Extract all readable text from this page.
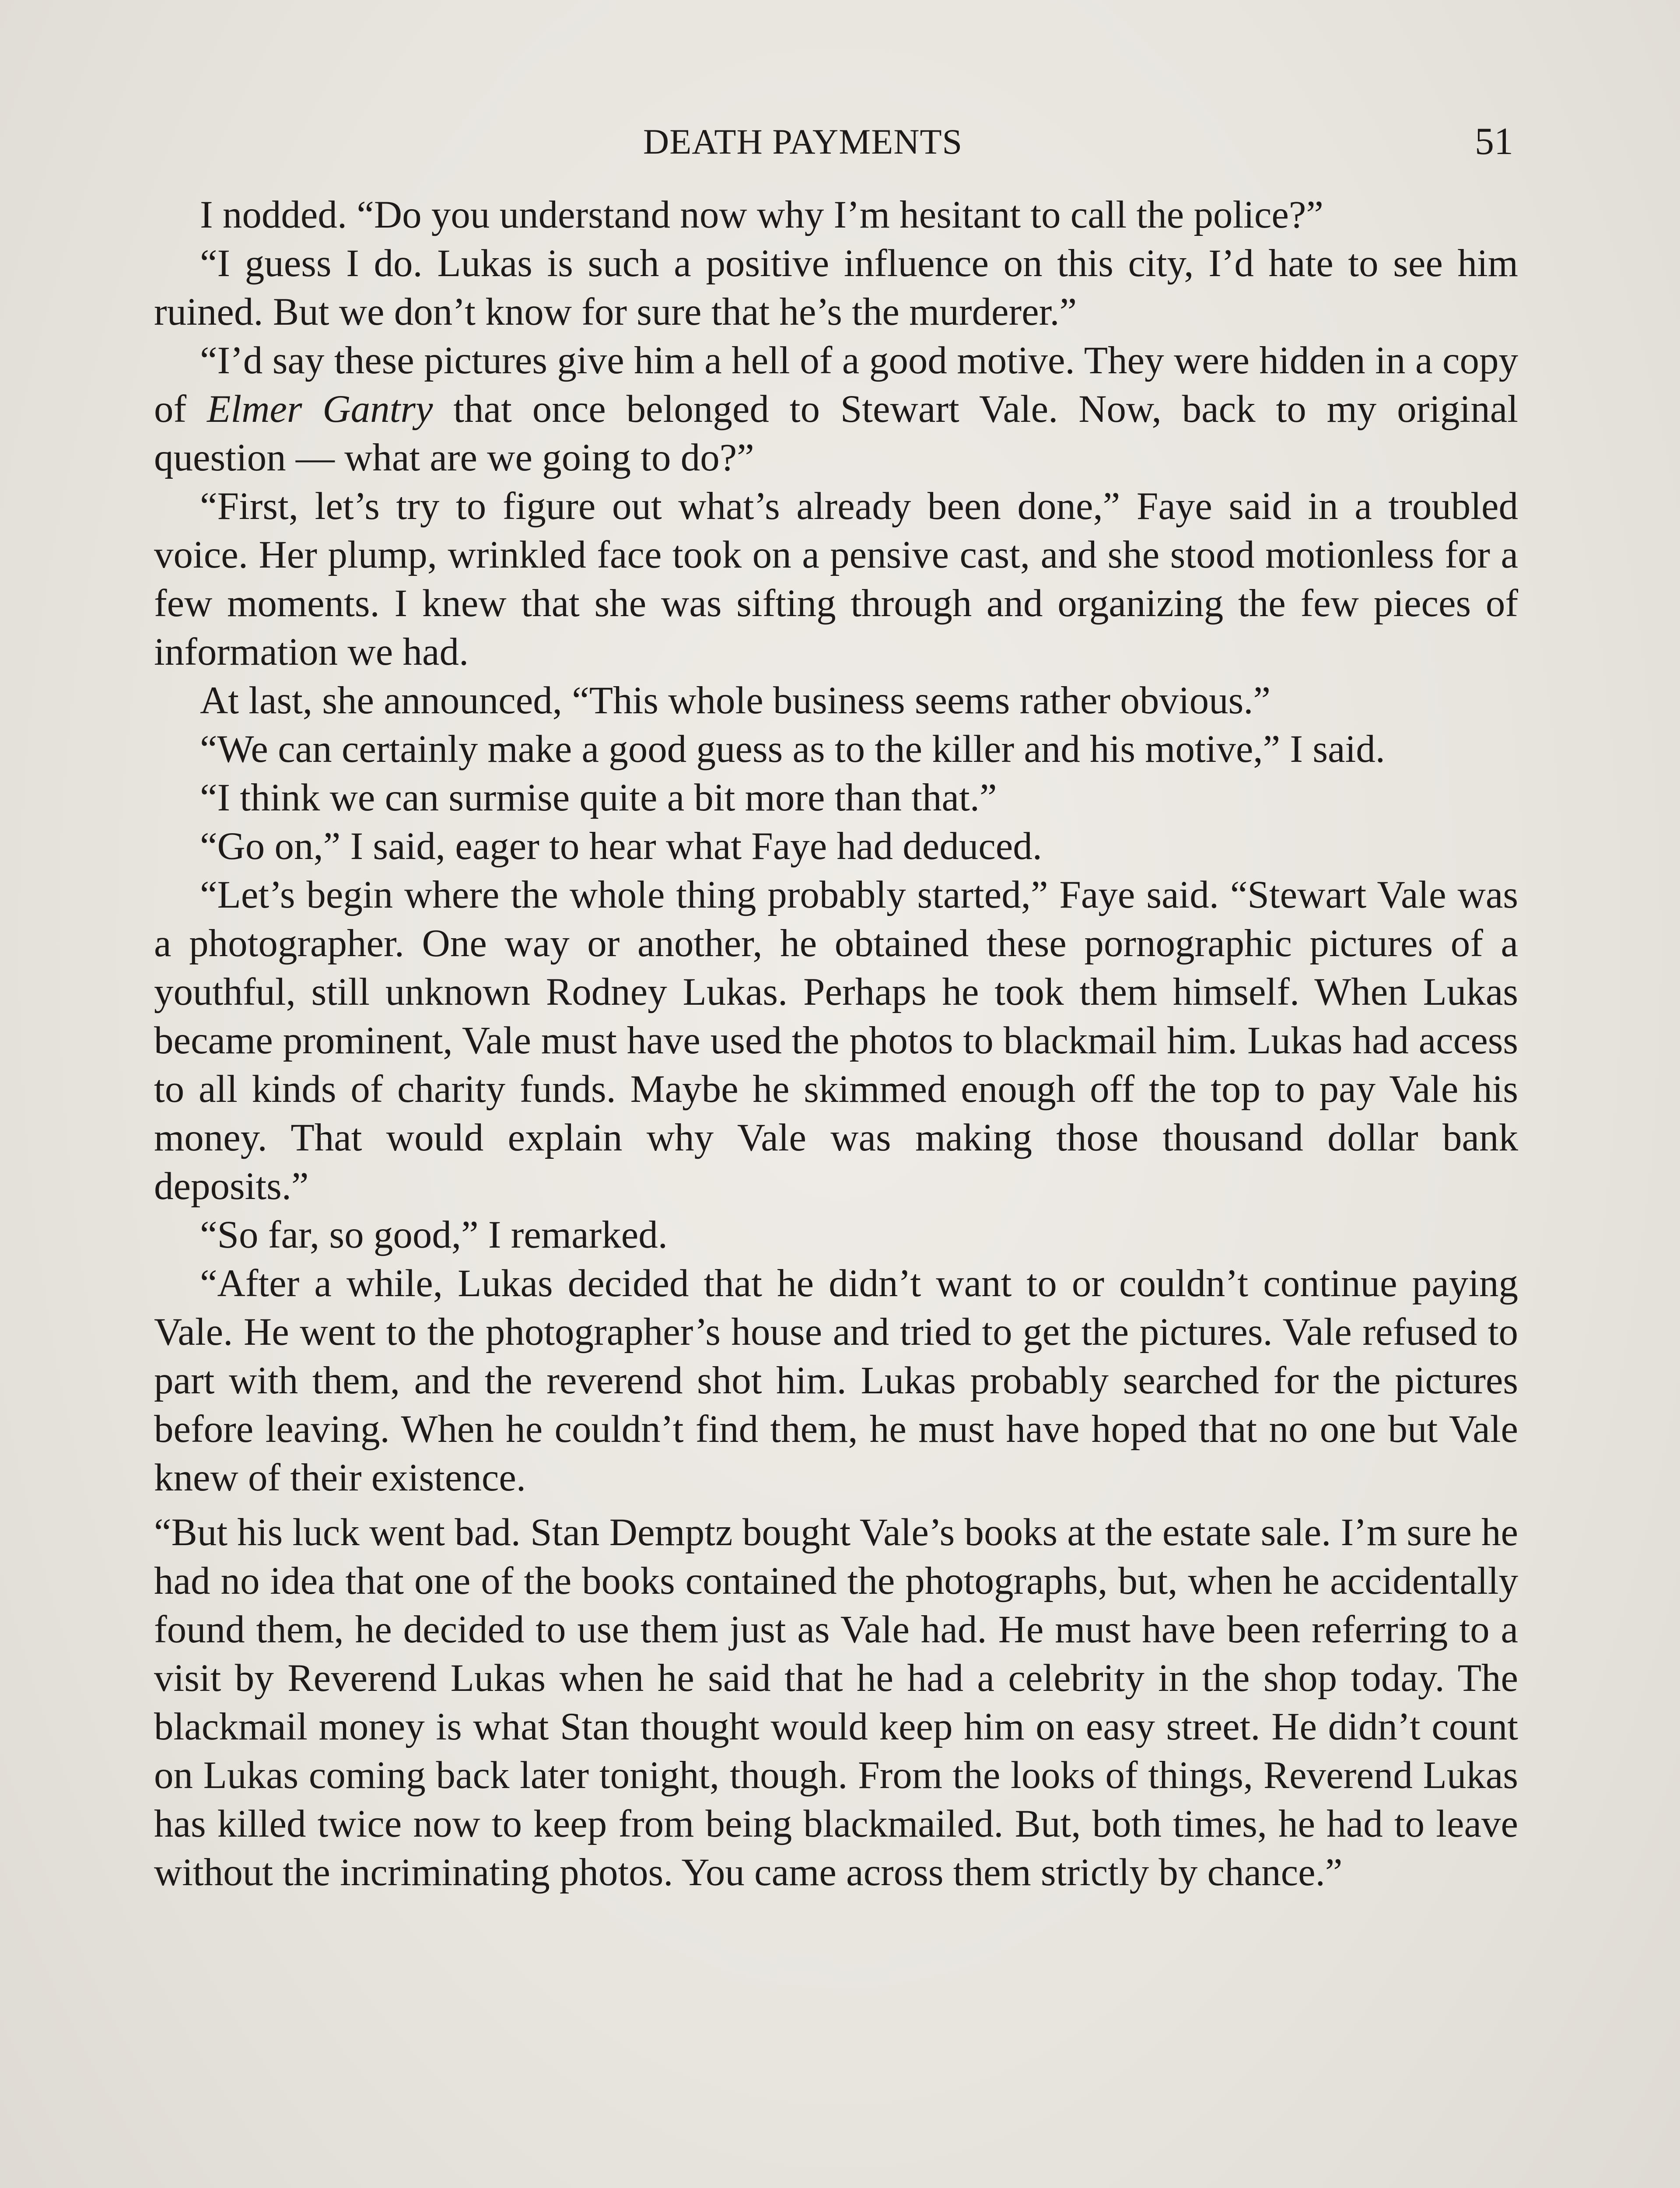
DEATH PAYMENTS	51

I nodded. “Do you understand now why I’m hesitant to call the police?”

“I guess I do. Lukas is such a positive influence on this city, I’d hate to see him ruined. But we don’t know for sure that he’s the murderer.”

“I’d say these pictures give him a hell of a good motive. They were hidden in a copy of Elmer Gantry that once belonged to Stewart Vale. Now, back to my original question — what are we going to do?”

“First, let’s try to figure out what’s already been done,” Faye said in a troubled voice. Her plump, wrinkled face took on a pensive cast, and she stood motionless for a few moments. I knew that she was sifting through and organizing the few pieces of information we had.

At last, she announced, “This whole business seems rather obvious.”

“We can certainly make a good guess as to the killer and his motive,” I said.

“I think we can surmise quite a bit more than that.”

“Go on,” I said, eager to hear what Faye had deduced.

“Let’s begin where the whole thing probably started,” Faye said. “Stewart Vale was a photographer. One way or another, he obtained these pornographic pictures of a youthful, still unknown Rodney Lukas. Perhaps he took them himself. When Lukas became prominent, Vale must have used the photos to blackmail him. Lukas had access to all kinds of charity funds. Maybe he skimmed enough off the top to pay Vale his money. That would explain why Vale was making those thousand dollar bank deposits.”

“So far, so good,” I remarked.

“After a while, Lukas decided that he didn’t want to or couldn’t continue paying Vale. He went to the photographer’s house and tried to get the pictures. Vale refused to part with them, and the reverend shot him. Lukas probably searched for the pictures before leaving. When he couldn’t find them, he must have hoped that no one but Vale knew of their existence.

“But his luck went bad. Stan Demptz bought Vale’s books at the estate sale. I’m sure he had no idea that one of the books contained the photographs, but, when he accidentally found them, he decided to use them just as Vale had. He must have been referring to a visit by Reverend Lukas when he said that he had a celebrity in the shop today. The blackmail money is what Stan thought would keep him on easy street. He didn’t count on Lukas coming back later tonight, though. From the looks of things, Reverend Lukas has killed twice now to keep from being blackmailed. But, both times, he had to leave without the incriminating photos. You came across them strictly by chance.”
